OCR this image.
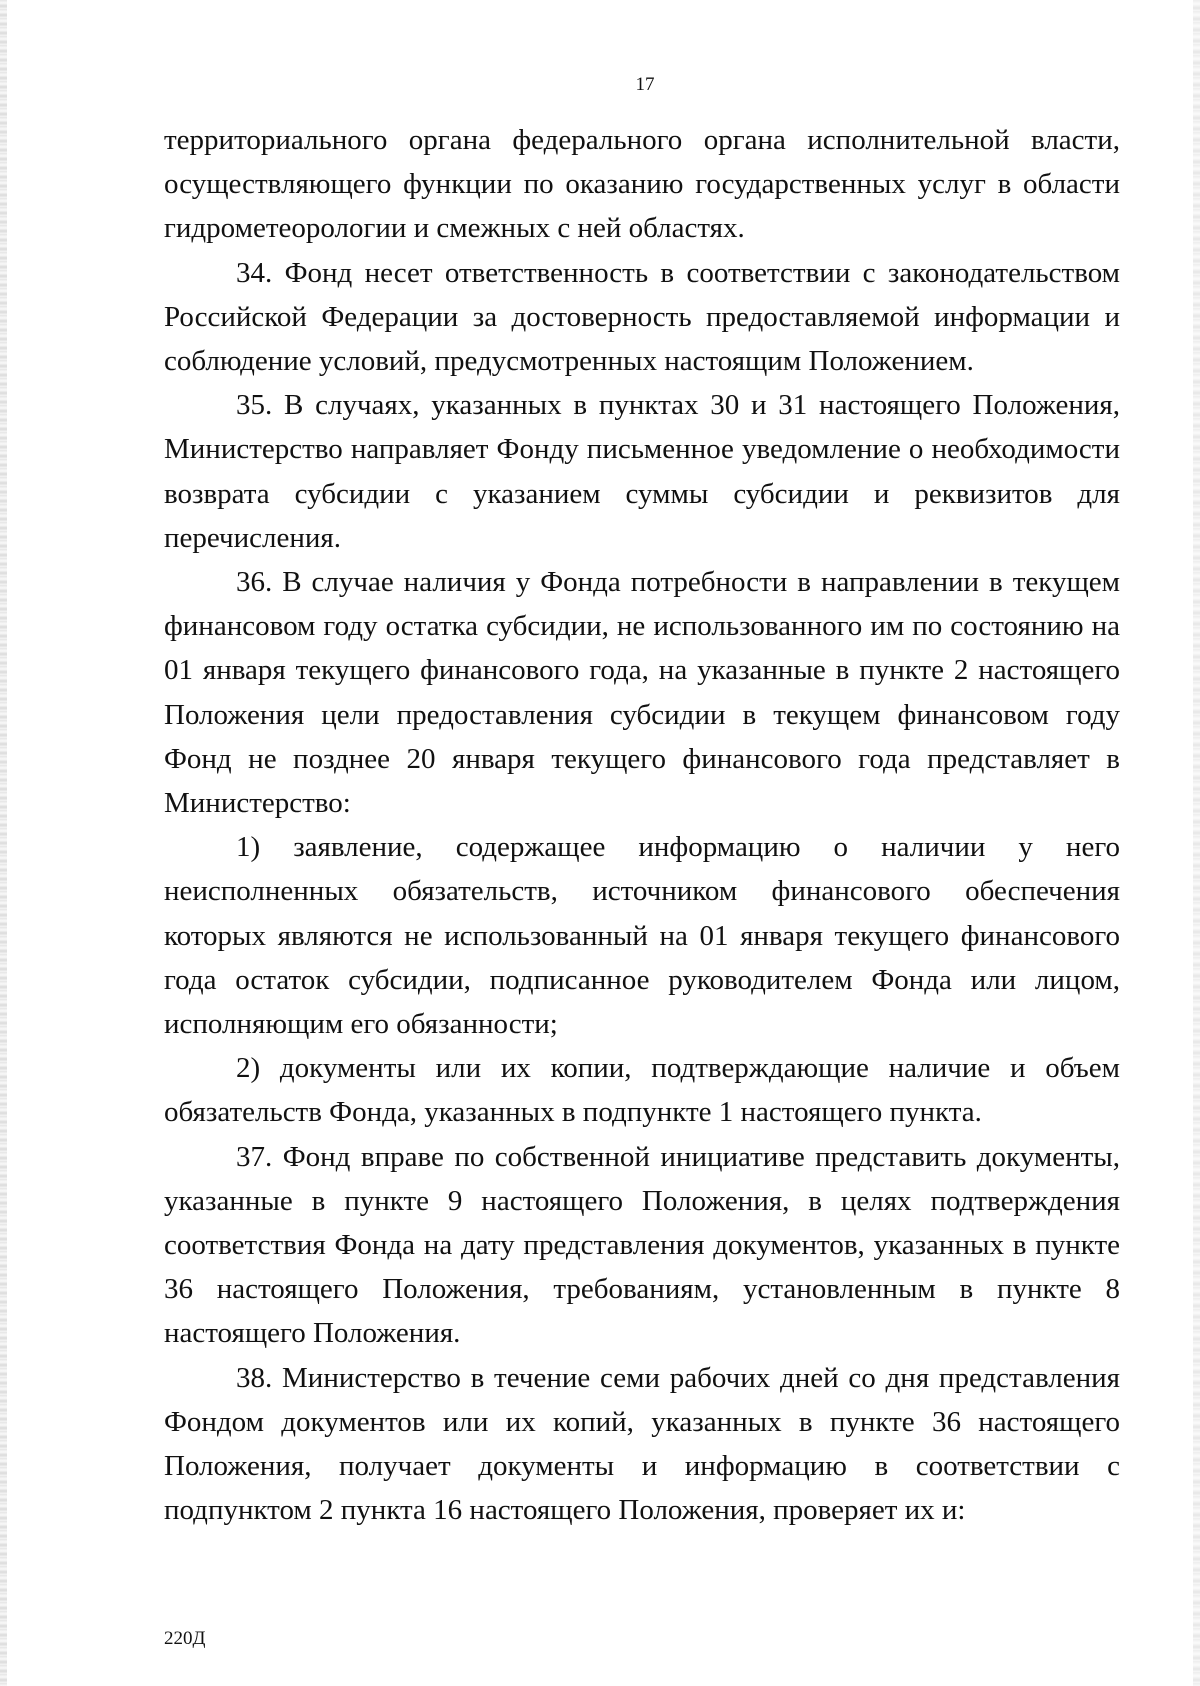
17

территориального органа федерального органа исполнительной власти, осуществляющего функции по оказанию государственных услуг в области гидрометеорологии и смежных с ней областях.

34. Фонд несет ответственность в соответствии с законодательством Российской Федерации за достоверность предоставляемой информации и соблюдение условий, предусмотренных настоящим Положением.

35. В случаях, указанных в пунктах 30 и 31 настоящего Положения, Министерство направляет Фонду письменное уведомление о необходимости возврата субсидии с указанием суммы субсидии и реквизитов для перечисления.

36. В случае наличия у Фонда потребности в направлении в текущем финансовом году остатка субсидии, не использованного им по состоянию на 01 января текущего финансового года, на указанные в пункте 2 настоящего Положения цели предоставления субсидии в текущем финансовом году Фонд не позднее 20 января текущего финансового года представляет в Министерство:

1) заявление, содержащее информацию о наличии у него неисполненных обязательств, источником финансового обеспечения которых являются не использованный на 01 января текущего финансового года остаток субсидии, подписанное руководителем Фонда или лицом, исполняющим его обязанности;

2) документы или их копии, подтверждающие наличие и объем обязательств Фонда, указанных в подпункте 1 настоящего пункта.

37. Фонд вправе по собственной инициативе представить документы, указанные в пункте 9 настоящего Положения, в целях подтверждения соответствия Фонда на дату представления документов, указанных в пункте 36 настоящего Положения, требованиям, установленным в пункте 8 настоящего Положения.

38. Министерство в течение семи рабочих дней со дня представления Фондом документов или их копий, указанных в пункте 36 настоящего Положения, получает документы и информацию в соответствии с подпунктом 2 пункта 16 настоящего Положения, проверяет их и:

220Д
